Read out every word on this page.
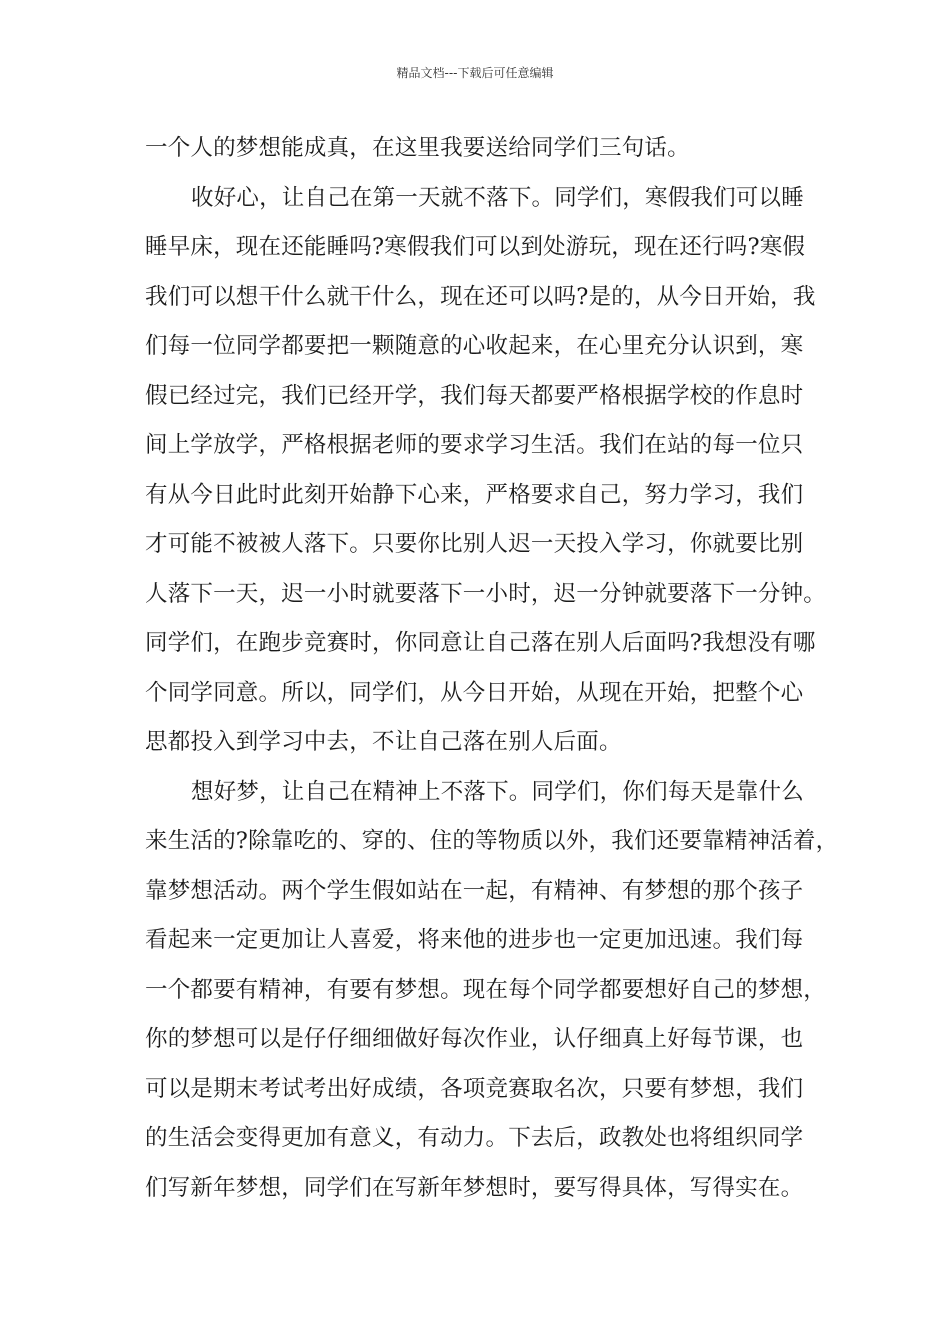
精品文档---下载后可任意编辑
一个人的梦想能成真，在这里我要送给同学们三句话。
收好心，让自己在第一天就不落下。同学们，寒假我们可以睡
睡早床，现在还能睡吗?寒假我们可以到处游玩，现在还行吗?寒假
我们可以想干什么就干什么，现在还可以吗?是的，从今日开始，我
们每一位同学都要把一颗随意的心收起来，在心里充分认识到，寒
假已经过完，我们已经开学，我们每天都要严格根据学校的作息时
间上学放学，严格根据老师的要求学习生活。我们在站的每一位只
有从今日此时此刻开始静下心来，严格要求自己，努力学习，我们
才可能不被被人落下。只要你比别人迟一天投入学习，你就要比别
人落下一天，迟一小时就要落下一小时，迟一分钟就要落下一分钟。
同学们，在跑步竞赛时，你同意让自己落在别人后面吗?我想没有哪
个同学同意。所以，同学们，从今日开始，从现在开始，把整个心
思都投入到学习中去，不让自己落在别人后面。
想好梦，让自己在精神上不落下。同学们，你们每天是靠什么
来生活的?除靠吃的、穿的、住的等物质以外，我们还要靠精神活着，
靠梦想活动。两个学生假如站在一起，有精神、有梦想的那个孩子
看起来一定更加让人喜爱，将来他的进步也一定更加迅速。我们每
一个都要有精神，有要有梦想。现在每个同学都要想好自己的梦想，
你的梦想可以是仔仔细细做好每次作业，认仔细真上好每节课，也
可以是期末考试考出好成绩，各项竞赛取名次，只要有梦想，我们
的生活会变得更加有意义，有动力。下去后，政教处也将组织同学
们写新年梦想，同学们在写新年梦想时，要写得具体，写得实在。
